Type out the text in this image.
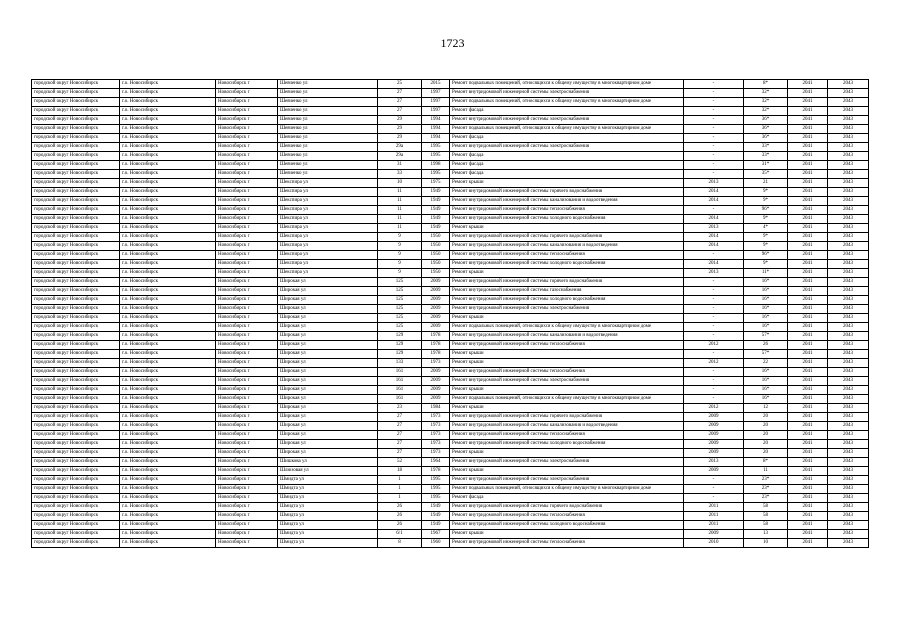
1723
городской округ Новосибирск	г.о. Новосибирск	Новосибирск г	Шевченко ул	25	2015	Ремонт подвальных помещений, относящихся к общему имуществу в многоквартирном доме	-	8*	2041	2043
городской округ Новосибирск	г.о. Новосибирск	Новосибирск г	Шевченко ул	27	1997	Ремонт внутридомовой инженерной системы электроснабжения	-	32*	2041	2043
городской округ Новосибирск	г.о. Новосибирск	Новосибирск г	Шевченко ул	27	1997	Ремонт подвальных помещений, относящихся к общему имуществу в многоквартирном доме	-	32*	2041	2043
городской округ Новосибирск	г.о. Новосибирск	Новосибирск г	Шевченко ул	27	1997	Ремонт фасада	-	32*	2041	2043
городской округ Новосибирск	г.о. Новосибирск	Новосибирск г	Шевченко ул	29	1994	Ремонт внутридомовой инженерной системы электроснабжения	-	36*	2041	2043
городской округ Новосибирск	г.о. Новосибирск	Новосибирск г	Шевченко ул	29	1994	Ремонт подвальных помещений, относящихся к общему имуществу в многоквартирном доме	-	36*	2041	2043
городской округ Новосибирск	г.о. Новосибирск	Новосибирск г	Шевченко ул	29	1994	Ремонт фасада	-	36*	2041	2043
городской округ Новосибирск	г.о. Новосибирск	Новосибирск г	Шевченко ул	29а	1995	Ремонт внутридомовой инженерной системы электроснабжения	-	33*	2041	2043
городской округ Новосибирск	г.о. Новосибирск	Новосибирск г	Шевченко ул	29а	1995	Ремонт фасада	-	33*	2041	2043
городской округ Новосибирск	г.о. Новосибирск	Новосибирск г	Шевченко ул	31	1998	Ремонт фасада	-	31*	2041	2043
городской округ Новосибирск	г.о. Новосибирск	Новосибирск г	Шевченко ул	33	1995	Ремонт фасада	-	35*	2041	2043
городской округ Новосибирск	г.о. Новосибирск	Новосибирск г	Шекспира ул	10	1975	Ремонт крыши	2013	21	2041	2043
городской округ Новосибирск	г.о. Новосибирск	Новосибирск г	Шекспира ул	11	1949	Ремонт внутридомовой инженерной системы горячего водоснабжения	2014	9*	2041	2043
городской округ Новосибирск	г.о. Новосибирск	Новосибирск г	Шекспира ул	11	1949	Ремонт внутридомовой инженерной системы канализования и водоотведения	2014	9*	2041	2043
городской округ Новосибирск	г.о. Новосибирск	Новосибирск г	Шекспира ул	11	1949	Ремонт внутридомовой инженерной системы теплоснабжения	-	96*	2041	2043
городской округ Новосибирск	г.о. Новосибирск	Новосибирск г	Шекспира ул	11	1949	Ремонт внутридомовой инженерной системы холодного водоснабжения	2014	9*	2041	2043
городской округ Новосибирск	г.о. Новосибирск	Новосибирск г	Шекспира ул	11	1949	Ремонт крыши	2013	4*	2041	2043
городской округ Новосибирск	г.о. Новосибирск	Новосибирск г	Шекспира ул	9	1950	Ремонт внутридомовой инженерной системы горячего водоснабжения	2014	9*	2041	2043
городской округ Новосибирск	г.о. Новосибирск	Новосибирск г	Шекспира ул	9	1950	Ремонт внутридомовой инженерной системы канализования и водоотведения	2014	9*	2041	2043
городской округ Новосибирск	г.о. Новосибирск	Новосибирск г	Шекспира ул	9	1950	Ремонт внутридомовой инженерной системы теплоснабжения	-	96*	2041	2043
городской округ Новосибирск	г.о. Новосибирск	Новосибирск г	Шекспира ул	9	1950	Ремонт внутридомовой инженерной системы холодного водоснабжения	2014	9*	2041	2043
городской округ Новосибирск	г.о. Новосибирск	Новосибирск г	Шекспира ул	9	1950	Ремонт крыши	2013	11*	2041	2043
городской округ Новосибирск	г.о. Новосибирск	Новосибирск г	Широкая ул	125	2009	Ремонт внутридомовой инженерной системы горячего водоснабжения	-	16*	2041	2043
городской округ Новосибирск	г.о. Новосибирск	Новосибирск г	Широкая ул	125	2009	Ремонт внутридомовой инженерной системы газоснабжения	-	16*	2041	2043
городской округ Новосибирск	г.о. Новосибирск	Новосибирск г	Широкая ул	125	2009	Ремонт внутридомовой инженерной системы холодного водоснабжения	-	16*	2041	2043
городской округ Новосибирск	г.о. Новосибирск	Новосибирск г	Широкая ул	125	2009	Ремонт внутридомовой инженерной системы электроснабжения	-	16*	2041	2043
городской округ Новосибирск	г.о. Новосибирск	Новосибирск г	Широкая ул	125	2009	Ремонт крыши	-	16*	2041	2043
городской округ Новосибирск	г.о. Новосибирск	Новосибирск г	Широкая ул	125	2009	Ремонт подвальных помещений, относящихся к общему имуществу в многоквартирном доме	-	16*	2041	2043
городской округ Новосибирск	г.о. Новосибирск	Новосибирск г	Широкая ул	129	1978	Ремонт внутридомовой инженерной системы канализования и водоотведения	-	57*	2041	2043
городской округ Новосибирск	г.о. Новосибирск	Новосибирск г	Широкая ул	129	1978	Ремонт внутридомовой инженерной системы теплоснабжения	2012	26	2041	2043
городской округ Новосибирск	г.о. Новосибирск	Новосибирск г	Широкая ул	129	1978	Ремонт крыши	-	57*	2041	2043
городской округ Новосибирск	г.о. Новосибирск	Новосибирск г	Широкая ул	133	1973	Ремонт крыши	2012	22	2041	2043
городской округ Новосибирск	г.о. Новосибирск	Новосибирск г	Широкая ул	161	2009	Ремонт внутридомовой инженерной системы теплоснабжения	-	16*	2041	2043
городской округ Новосибирск	г.о. Новосибирск	Новосибирск г	Широкая ул	161	2009	Ремонт внутридомовой инженерной системы электроснабжения	-	16*	2041	2043
городской округ Новосибирск	г.о. Новосибирск	Новосибирск г	Широкая ул	161	2009	Ремонт крыши	-	16*	2041	2043
городской округ Новосибирск	г.о. Новосибирск	Новосибирск г	Широкая ул	161	2009	Ремонт подвальных помещений, относящихся к общему имуществу в многоквартирном доме	-	16*	2041	2043
городской округ Новосибирск	г.о. Новосибирск	Новосибирск г	Широкая ул	23	1984	Ремонт крыши	2012	12	2041	2043
городской округ Новосибирск	г.о. Новосибирск	Новосибирск г	Широкая ул	27	1973	Ремонт внутридомовой инженерной системы горячего водоснабжения	2009	20	2041	2043
городской округ Новосибирск	г.о. Новосибирск	Новосибирск г	Широкая ул	27	1973	Ремонт внутридомовой инженерной системы канализования и водоотведения	2009	20	2041	2043
городской округ Новосибирск	г.о. Новосибирск	Новосибирск г	Широкая ул	27	1973	Ремонт внутридомовой инженерной системы теплоснабжения	2009	20	2041	2043
городской округ Новосибирск	г.о. Новосибирск	Новосибирск г	Широкая ул	27	1973	Ремонт внутридомовой инженерной системы холодного водоснабжения	2009	20	2041	2043
городской округ Новосибирск	г.о. Новосибирск	Новосибирск г	Широкая ул	27	1973	Ремонт крыши	2009	20	2041	2043
городской округ Новосибирск	г.о. Новосибирск	Новосибирск г	Шишкова ул	52	1964	Ремонт внутридомовой инженерной системы электроснабжения	2013	8*	2041	2043
городской округ Новосибирск	г.о. Новосибирск	Новосибирск г	Шлюзовая ул	18	1978	Ремонт крыши	2009	11	2041	2043
городской округ Новосибирск	г.о. Новосибирск	Новосибирск г	Шмидта ул	1	1995	Ремонт внутридомовой инженерной системы электроснабжения	-	23*	2041	2043
городской округ Новосибирск	г.о. Новосибирск	Новосибирск г	Шмидта ул	1	1995	Ремонт подвальных помещений, относящихся к общему имуществу в многоквартирном доме	-	23*	2041	2043
городской округ Новосибирск	г.о. Новосибирск	Новосибирск г	Шмидта ул	1	1995	Ремонт фасада	-	23*	2041	2043
городской округ Новосибирск	г.о. Новосибирск	Новосибирск г	Шмидта ул	26	1949	Ремонт внутридомовой инженерной системы горячего водоснабжения	2011	58	2041	2043
городской округ Новосибирск	г.о. Новосибирск	Новосибирск г	Шмидта ул	26	1949	Ремонт внутридомовой инженерной системы теплоснабжения	2011	58	2041	2043
городской округ Новосибирск	г.о. Новосибирск	Новосибирск г	Шмидта ул	26	1949	Ремонт внутридомовой инженерной системы холодного водоснабжения	2011	58	2041	2043
городской округ Новосибирск	г.о. Новосибирск	Новосибирск г	Шмидта ул	6/1	1967	Ремонт крыши	2009	13	2041	2043
городской округ Новосибирск	г.о. Новосибирск	Новосибирск г	Шмидта ул	8	1960	Ремонт внутридомовой инженерной системы теплоснабжения	2010	10	2041	2043
